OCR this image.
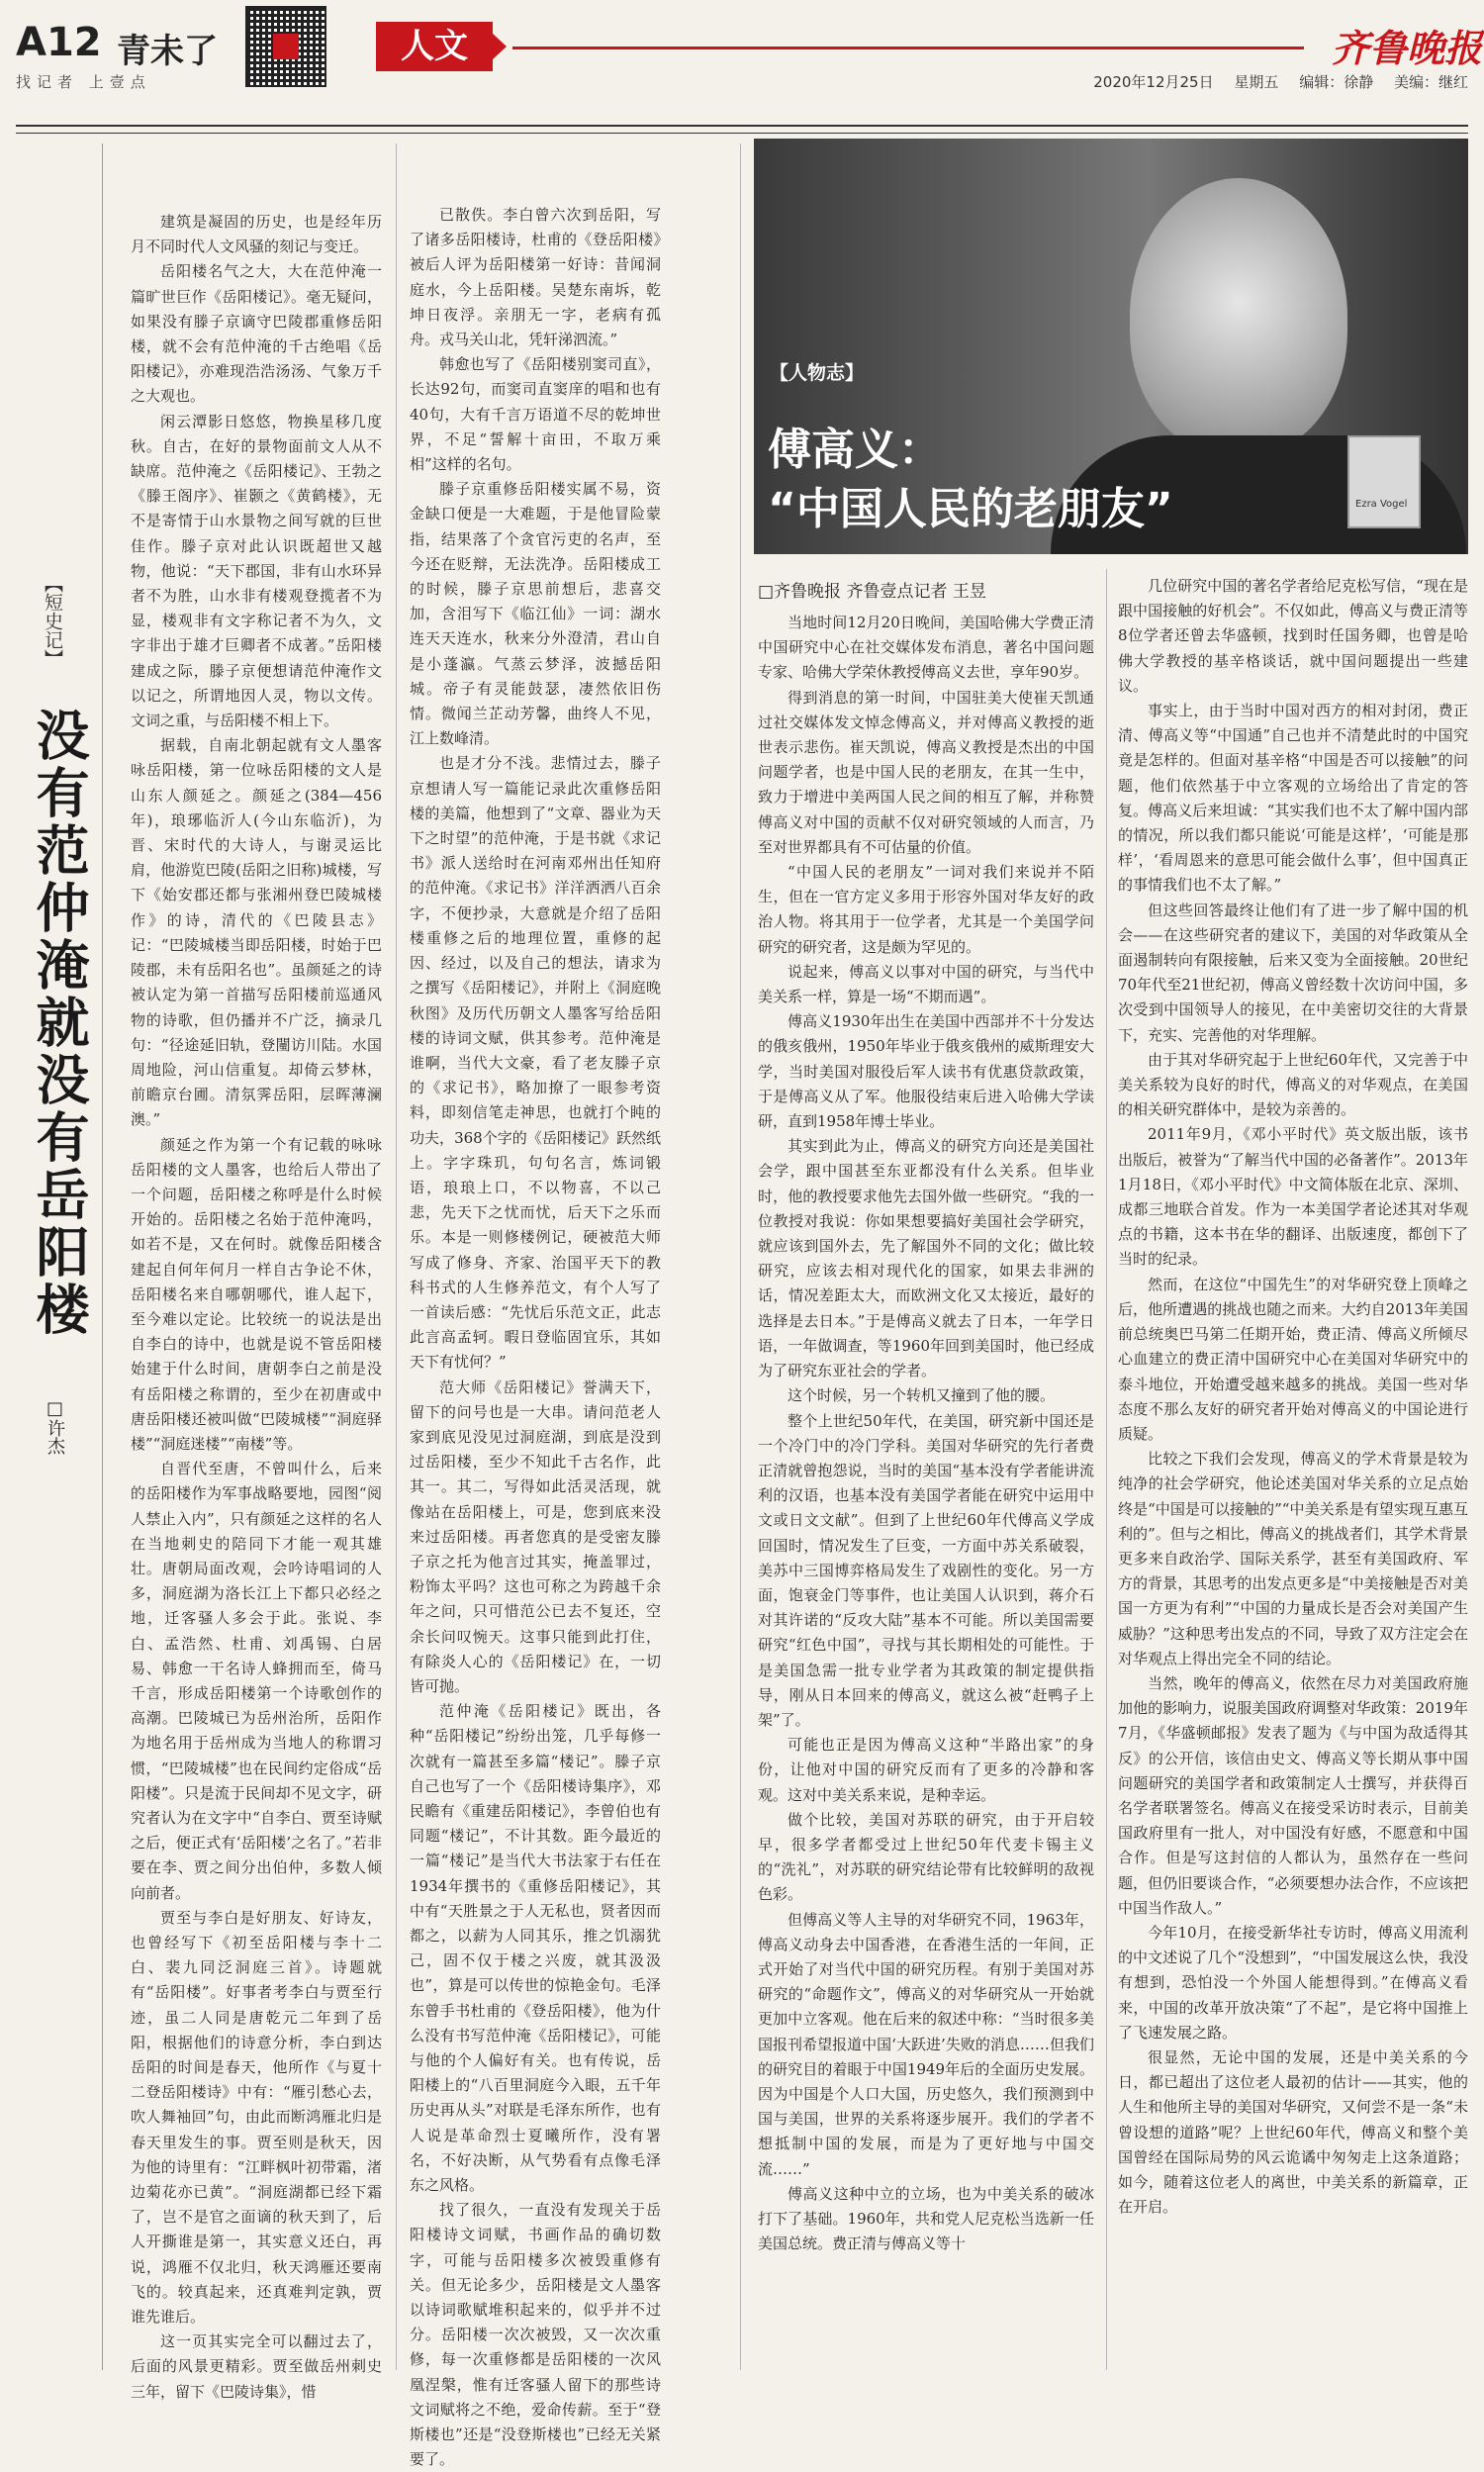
A12 青未了
找记者 上壹点
人文	齐鲁晚报
2020年12月25日 星期五 编辑：徐静 美编：继红
【短史记】
没有范仲淹就没有岳阳楼
□许杰

建筑是凝固的历史，也是经年历月不同时代人文风骚的刻记与变迁。

岳阳楼名气之大，大在范仲淹一篇旷世巨作《岳阳楼记》。毫无疑问，如果没有滕子京谪守巴陵郡重修岳阳楼，就不会有范仲淹的千古绝唱《岳阳楼记》，亦难现浩浩汤汤、气象万千之大观也。

闲云潭影日悠悠，物换星移几度秋。自古，在好的景物面前文人从不缺席。范仲淹之《岳阳楼记》、王勃之《滕王阁序》、崔颢之《黄鹤楼》，无不是寄情于山水景物之间写就的巨世佳作。滕子京对此认识既超世又越物，他说：“天下郡国，非有山水环异者不为胜，山水非有楼观登揽者不为显，楼观非有文字称记者不为久，文字非出于雄才巨卿者不成著。”岳阳楼建成之际，滕子京便想请范仲淹作文以记之，所谓地因人灵，物以文传。文词之重，与岳阳楼不相上下。

据载，自南北朝起就有文人墨客咏岳阳楼，第一位咏岳阳楼的文人是山东人颜延之。颜延之(384—456年)，琅琊临沂人(今山东临沂)，为晋、宋时代的大诗人，与谢灵运比肩，他游览巴陵(岳阳之旧称)城楼，写下《始安郡还都与张湘州登巴陵城楼作》的诗，清代的《巴陵县志》记：“巴陵城楼当即岳阳楼，时始于巴陵郡，未有岳阳名也”。虽颜延之的诗被认定为第一首描写岳阳楼前巡通风物的诗歌，但仍播并不广泛，摘录几句：“径途延旧轨，登闉访川陆。水国周地险，河山信重复。却倚云梦林，前瞻京台圃。清氛霁岳阳，层晖薄澜澳。”

颜延之作为第一个有记载的咏咏岳阳楼的文人墨客，也给后人带出了一个问题，岳阳楼之称呼是什么时候开始的。岳阳楼之名始于范仲淹吗，如若不是，又在何时。就像岳阳楼含建起自何年何月一样自古争论不休，岳阳楼名来自哪朝哪代，谁人起下，至今难以定论。比较统一的说法是出自李白的诗中，也就是说不管岳阳楼始建于什么时间，唐朝李白之前是没有岳阳楼之称谓的，至少在初唐或中唐岳阳楼还被叫做“巴陵城楼”“洞庭驿楼”“洞庭迷楼”“南楼”等。

自晋代至唐，不曾叫什么，后来的岳阳楼作为军事战略要地，园图“阅人禁止入内”，只有颜延之这样的名人在当地刺史的陪同下才能一观其雄壮。唐朝局面改观，会吟诗唱词的人多，洞庭湖为洛长江上下都只必经之地，迁客骚人多会于此。张说、李白、孟浩然、杜甫、刘禹锡、白居易、韩愈一干名诗人蜂拥而至，倚马千言，形成岳阳楼第一个诗歌创作的高潮。巴陵城已为岳州治所，岳阳作为地名用于岳州成为当地人的称谓习惯，“巴陵城楼”也在民间约定俗成“岳阳楼”。只是流于民间却不见文字，研究者认为在文字中“自李白、贾至诗赋之后，便正式有‘岳阳楼’之名了。”若非要在李、贾之间分出伯仲，多数人倾向前者。

贾至与李白是好朋友、好诗友，也曾经写下《初至岳阳楼与李十二白、裴九同泛洞庭三首》。诗题就有“岳阳楼”。好事者考李白与贾至行迹，虽二人同是唐乾元二年到了岳阳，根据他们的诗意分析，李白到达岳阳的时间是春天，他所作《与夏十二登岳阳楼诗》中有：“雁引愁心去，吹人舞袖回”句，由此而断鸿雁北归是春天里发生的事。贾至则是秋天，因为他的诗里有：“江畔枫叶初带霜，渚边菊花亦已黄”。“洞庭湖都已经下霜了，岂不是官之面谪的秋天到了，后人开撕谁是第一，其实意义还白，再说，鸿雁不仅北归，秋天鸿雁还要南飞的。较真起来，还真难判定孰，贾谁先谁后。

这一页其实完全可以翻过去了，后面的风景更精彩。贾至做岳州刺史三年，留下《巴陵诗集》，惜

已散佚。李白曾六次到岳阳，写了诸多岳阳楼诗，杜甫的《登岳阳楼》被后人评为岳阳楼第一好诗：昔闻洞庭水，今上岳阳楼。吴楚东南坼，乾坤日夜浮。亲朋无一字，老病有孤舟。戎马关山北，凭轩涕泗流。”

韩愈也写了《岳阳楼别窦司直》，长达92句，而窦司直窦庠的唱和也有40句，大有千言万语道不尽的乾坤世界，不足“誓解十亩田，不取万乘相”这样的名句。

滕子京重修岳阳楼实属不易，资金缺口便是一大难题，于是他冒险蒙指，结果落了个贪官污吏的名声，至今还在贬辩，无法洗净。岳阳楼成工的时候，滕子京思前想后，悲喜交加，含泪写下《临江仙》一词：湖水连天天连水，秋来分外澄清，君山自是小蓬瀛。气蒸云梦泽，波撼岳阳城。帝子有灵能鼓瑟，凄然依旧伤情。微闻兰芷动芳馨，曲终人不见，江上数峰清。

也是才分不浅。悲情过去，滕子京想请人写一篇能记录此次重修岳阳楼的美篇，他想到了“文章、器业为天下之时望”的范仲淹，于是书就《求记书》派人送给时在河南邓州出任知府的范仲淹。《求记书》洋洋洒洒八百余字，不便抄录，大意就是介绍了岳阳楼重修之后的地理位置，重修的起因、经过，以及自己的想法，请求为之撰写《岳阳楼记》，并附上《洞庭晚秋图》及历代历朝文人墨客写给岳阳楼的诗词文赋，供其参考。范仲淹是谁啊，当代大文豪，看了老友滕子京的《求记书》，略加撩了一眼参考资料，即刻信笔走神思，也就打个盹的功夫，368个字的《岳阳楼记》跃然纸上。字字珠玑，句句名言，炼词锻语，琅琅上口，不以物喜，不以己悲，先天下之忧而忧，后天下之乐而乐。本是一则修楼例记，硬被范大师写成了修身、齐家、治国平天下的教科书式的人生修养范文，有个人写了一首读后感：“先忧后乐范文正，此志此言高孟轲。暇日登临固宜乐，其如天下有忧何？”

范大师《岳阳楼记》誉满天下，留下的问号也是一大串。请问范老人家到底见没见过洞庭湖，到底是没到过岳阳楼，至少不知此千古名作，此其一。其二，写得如此活灵活现，就像站在岳阳楼上，可是，您到底来没来过岳阳楼。再者您真的是受密友滕子京之托为他言过其实，掩盖罪过，粉饰太平吗？这也可称之为跨越千余年之问，只可惜范公已去不复还，空余长问叹惋天。这事只能到此打住，有除炎人心的《岳阳楼记》在，一切皆可抛。

范仲淹《岳阳楼记》既出，各种“岳阳楼记”纷纷出笼，几乎每修一次就有一篇甚至多篇“楼记”。滕子京自己也写了一个《岳阳楼诗集序》，邓民瞻有《重建岳阳楼记》，李曾伯也有同题“楼记”，不计其数。距今最近的一篇“楼记”是当代大书法家于右任在1934年撰书的《重修岳阳楼记》，其中有“天胜景之于人无私也，贤者因而都之，以薪为人同其乐，推之饥溺犹己，固不仅于楼之兴废，就其汲汲也”，算是可以传世的惊艳金句。毛泽东曾手书杜甫的《登岳阳楼》，他为什么没有书写范仲淹《岳阳楼记》，可能与他的个人偏好有关。也有传说，岳阳楼上的“八百里洞庭今入眼，五千年历史再从头”对联是毛泽东所作，也有人说是革命烈士夏曦所作，没有署名，不好决断，从气势看有点像毛泽东之风格。

找了很久，一直没有发现关于岳阳楼诗文词赋，书画作品的确切数字，可能与岳阳楼多次被毁重修有关。但无论多少，岳阳楼是文人墨客以诗词歌赋堆积起来的，似乎并不过分。岳阳楼一次次被毁，又一次次重修，每一次重修都是岳阳楼的一次风凰涅槃，惟有迁客骚人留下的那些诗文词赋将之不绝，爱命传薪。至于“登斯楼也”还是“没登斯楼也”已经无关紧要了。

Ezra Vogel
【人物志】
傅高义：
“中国人民的老朋友”
□齐鲁晚报 齐鲁壹点记者 王昱

当地时间12月20日晚间，美国哈佛大学费正清中国研究中心在社交媒体发布消息，著名中国问题专家、哈佛大学荣休教授傅高义去世，享年90岁。

得到消息的第一时间，中国驻美大使崔天凯通过社交媒体发文悼念傅高义，并对傅高义教授的逝世表示悲伤。崔天凯说，傅高义教授是杰出的中国问题学者，也是中国人民的老朋友，在其一生中，致力于增进中美两国人民之间的相互了解，并称赞傅高义对中国的贡献不仅对研究领域的人而言，乃至对世界都具有不可估量的价值。

“中国人民的老朋友”一词对我们来说并不陌生，但在一官方定义多用于形容外国对华友好的政治人物。将其用于一位学者，尤其是一个美国学问研究的研究者，这是颇为罕见的。

说起来，傅高义以事对中国的研究，与当代中美关系一样，算是一场“不期而遇”。

傅高义1930年出生在美国中西部并不十分发达的俄亥俄州，1950年毕业于俄亥俄州的威斯理安大学，当时美国对服役后军人读书有优惠贷款政策，于是傅高义从了军。他服役结束后进入哈佛大学读研，直到1958年博士毕业。

其实到此为止，傅高义的研究方向还是美国社会学，跟中国甚至东亚都没有什么关系。但毕业时，他的教授要求他先去国外做一些研究。“我的一位教授对我说：你如果想要搞好美国社会学研究，就应该到国外去，先了解国外不同的文化；做比较研究，应该去相对现代化的国家，如果去非洲的话，情况差距太大，而欧洲文化又太接近，最好的选择是去日本。”于是傅高义就去了日本，一年学日语，一年做调查，等1960年回到美国时，他已经成为了研究东亚社会的学者。

这个时候，另一个转机又撞到了他的腰。

整个上世纪50年代，在美国，研究新中国还是一个冷门中的冷门学科。美国对华研究的先行者费正清就曾抱怨说，当时的美国“基本没有学者能讲流利的汉语，也基本没有美国学者能在研究中运用中文或日文文献”。但到了上世纪60年代傅高义学成回国时，情况发生了巨变，一方面中苏关系破裂，美苏中三国博弈格局发生了戏剧性的变化。另一方面，饱衰金门等事件，也让美国人认识到，蒋介石对其许诺的“反攻大陆”基本不可能。所以美国需要研究“红色中国”，寻找与其长期相处的可能性。于是美国急需一批专业学者为其政策的制定提供指导，刚从日本回来的傅高义，就这么被“赶鸭子上架”了。

可能也正是因为傅高义这种“半路出家”的身份，让他对中国的研究反而有了更多的冷静和客观。这对中美关系来说，是种幸运。

做个比较，美国对苏联的研究，由于开启较早，很多学者都受过上世纪50年代麦卡锡主义的“洗礼”，对苏联的研究结论带有比较鲜明的敌视色彩。

但傅高义等人主导的对华研究不同，1963年，傅高义动身去中国香港，在香港生活的一年间，正式开始了对当代中国的研究历程。有别于美国对苏研究的“命题作文”，傅高义的对华研究从一开始就更加中立客观。他在后来的叙述中称：“当时很多美国报刊希望报道中国‘大跃进’失败的消息……但我们的研究目的着眼于中国1949年后的全面历史发展。因为中国是个人口大国，历史悠久，我们预测到中国与美国，世界的关系将逐步展开。我们的学者不想抵制中国的发展，而是为了更好地与中国交流……”

傅高义这种中立的立场，也为中美关系的破冰打下了基础。1960年，共和党人尼克松当选新一任美国总统。费正清与傅高义等十

几位研究中国的著名学者给尼克松写信，“现在是跟中国接触的好机会”。不仅如此，傅高义与费正清等8位学者还曾去华盛顿，找到时任国务卿，也曾是哈佛大学教授的基辛格谈话，就中国问题提出一些建议。

事实上，由于当时中国对西方的相对封闭，费正清、傅高义等“中国通”自己也并不清楚此时的中国究竟是怎样的。但面对基辛格“中国是否可以接触”的问题，他们依然基于中立客观的立场给出了肯定的答复。傅高义后来坦诚：“其实我们也不太了解中国内部的情况，所以我们都只能说‘可能是这样’，‘可能是那样’，‘看周恩来的意思可能会做什么事’，但中国真正的事情我们也不太了解。”

但这些回答最终让他们有了进一步了解中国的机会——在这些研究者的建议下，美国的对华政策从全面遏制转向有限接触，后来又变为全面接触。20世纪70年代至21世纪初，傅高义曾经数十次访问中国，多次受到中国领导人的接见，在中美密切交往的大背景下，充实、完善他的对华理解。

由于其对华研究起于上世纪60年代，又完善于中美关系较为良好的时代，傅高义的对华观点，在美国的相关研究群体中，是较为亲善的。

2011年9月，《邓小平时代》英文版出版，该书出版后，被誉为“了解当代中国的必备著作”。2013年1月18日，《邓小平时代》中文简体版在北京、深圳、成都三地联合首发。作为一本美国学者论述其对华观点的书籍，这本书在华的翻译、出版速度，都创下了当时的纪录。

然而，在这位“中国先生”的对华研究登上顶峰之后，他所遭遇的挑战也随之而来。大约自2013年美国前总统奥巴马第二任期开始，费正清、傅高义所倾尽心血建立的费正清中国研究中心在美国对华研究中的泰斗地位，开始遭受越来越多的挑战。美国一些对华态度不那么友好的研究者开始对傅高义的中国论进行质疑。

比较之下我们会发现，傅高义的学术背景是较为纯净的社会学研究，他论述美国对华关系的立足点始终是“中国是可以接触的”“中美关系是有望实现互惠互利的”。但与之相比，傅高义的挑战者们，其学术背景更多来自政治学、国际关系学，甚至有美国政府、军方的背景，其思考的出发点更多是“中美接触是否对美国一方更为有利”“中国的力量成长是否会对美国产生威胁？”这种思考出发点的不同，导致了双方注定会在对华观点上得出完全不同的结论。

当然，晚年的傅高义，依然在尽力对美国政府施加他的影响力，说服美国政府调整对华政策：2019年7月，《华盛顿邮报》发表了题为《与中国为敌适得其反》的公开信，该信由史文、傅高义等长期从事中国问题研究的美国学者和政策制定人士撰写，并获得百名学者联署签名。傅高义在接受采访时表示，目前美国政府里有一批人，对中国没有好感，不愿意和中国合作。但是写这封信的人都认为，虽然存在一些问题，但仍旧要谈合作，“必须要想办法合作，不应该把中国当作敌人。”

今年10月，在接受新华社专访时，傅高义用流利的中文述说了几个“没想到”，“中国发展这么快，我没有想到，恐怕没一个外国人能想得到。”在傅高义看来，中国的改革开放决策“了不起”，是它将中国推上了飞速发展之路。

很显然，无论中国的发展，还是中美关系的今日，都已超出了这位老人最初的估计——其实，他的人生和他所主导的美国对华研究，又何尝不是一条“未曾设想的道路”呢？上世纪60年代，傅高义和整个美国曾经在国际局势的风云诡谲中匆匆走上这条道路；如今，随着这位老人的离世，中美关系的新篇章，正在开启。
